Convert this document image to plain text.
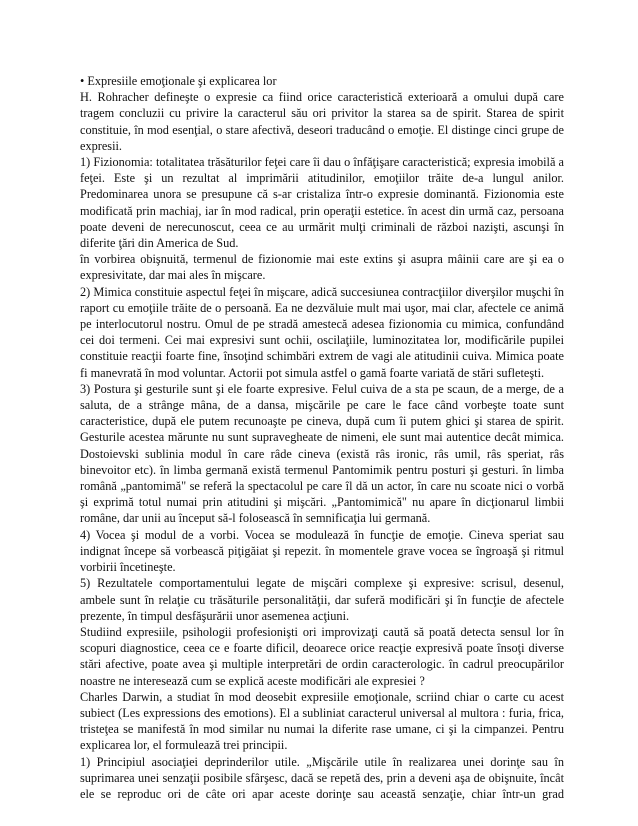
• Expresiile emoţionale şi explicarea lor

H. Rohracher defineşte o expresie ca fiind orice caracteristică exterioară a omului după care tragem concluzii cu privire la caracterul său ori privitor la starea sa de spirit. Starea de spirit constituie, în mod esenţial, o stare afectivă, deseori traducând o emoţie. El distinge cinci grupe de expresii.

1) Fizionomia: totalitatea trăsăturilor feţei care îi dau o înfăţişare caracteristică; expresia imobilă a feţei. Este şi un rezultat al imprimării atitudinilor, emoţiilor trăite de-a lungul anilor. Predominarea unora se presupune că s-ar cristaliza într-o expresie dominantă. Fizionomia este modificată prin machiaj, iar în mod radical, prin operaţii estetice. în acest din urmă caz, persoana poate deveni de nerecunoscut, ceea ce au urmărit mulţi criminali de război nazişti, ascunşi în diferite ţări din America de Sud.

în vorbirea obişnuită, termenul de fizionomie mai este extins şi asupra mâinii care are şi ea o expresivitate, dar mai ales în mişcare.

2) Mimica constituie aspectul feţei în mişcare, adică succesiunea contracţiilor diverşilor muşchi în raport cu emoţiile trăite de o persoană. Ea ne dezvăluie mult mai uşor, mai clar, afectele ce animă pe interlocutorul nostru. Omul de pe stradă amestecă adesea fizionomia cu mimica, confundând cei doi termeni. Cei mai expresivi sunt ochii, oscilaţiile, luminozitatea lor, modificările pupilei constituie reacţii foarte fine, însoţind schimbări extrem de vagi ale atitudinii cuiva. Mimica poate fi manevrată în mod voluntar. Actorii pot simula astfel o gamă foarte variată de stări sufleteşti.

3) Postura şi gesturile sunt şi ele foarte expresive. Felul cuiva de a sta pe scaun, de a merge, de a saluta, de a strânge mâna, de a dansa, mişcările pe care le face când vorbeşte toate sunt caracteristice, după ele putem recunoaşte pe cineva, după cum îi putem ghici şi starea de spirit. Gesturile acestea mărunte nu sunt supravegheate de nimeni, ele sunt mai autentice decât mimica. Dostoievski sublinia modul în care râde cineva (există râs ironic, râs umil, râs speriat, râs binevoitor etc). în limba germană există termenul Pantomimik pentru posturi şi gesturi. în limba română „pantomimă" se referă la spectacolul pe care îl dă un actor, în care nu scoate nici o vorbă şi exprimă totul numai prin atitudini şi mişcări. „Pantomimică" nu apare în dicţionarul limbii române, dar unii au început să-l folosească în semnificaţia lui germană.

4) Vocea şi modul de a vorbi. Vocea se modulează în funcţie de emoţie. Cineva speriat sau indignat începe să vorbească piţigăiat şi repezit. în momentele grave vocea se îngroaşă şi ritmul vorbirii încetineşte.

5) Rezultatele comportamentului legate de mişcări complexe şi expresive: scrisul, desenul, ambele sunt în relaţie cu trăsăturile personalităţii, dar suferă modificări şi în funcţie de afectele prezente, în timpul desfăşurării unor asemenea acţiuni.

Studiind expresiile, psihologii profesionişti ori improvizaţi caută să poată detecta sensul lor în scopuri diagnostice, ceea ce e foarte dificil, deoarece orice reacţie expresivă poate însoţi diverse stări afective, poate avea şi multiple interpretări de ordin caracterologic. în cadrul preocupărilor noastre ne interesează cum se explică aceste modificări ale expresiei ?

Charles Darwin, a studiat în mod deosebit expresiile emoţionale, scriind chiar o carte cu acest subiect (Les expressions des emotions). El a subliniat caracterul universal al multora : furia, frica, tristeţea se manifestă în mod similar nu numai la diferite rase umane, ci şi la cimpanzei. Pentru explicarea lor, el formulează trei principii.

1) Principiul asociaţiei deprinderilor utile. „Mişcările utile în realizarea unei dorinţe sau în suprimarea unei senzaţii posibile sfârşesc, dacă se repetă des, prin a deveni aşa de obişnuite, încât ele se reproduc ori de câte ori apar aceste dorinţe sau această senzaţie, chiar într-un grad
